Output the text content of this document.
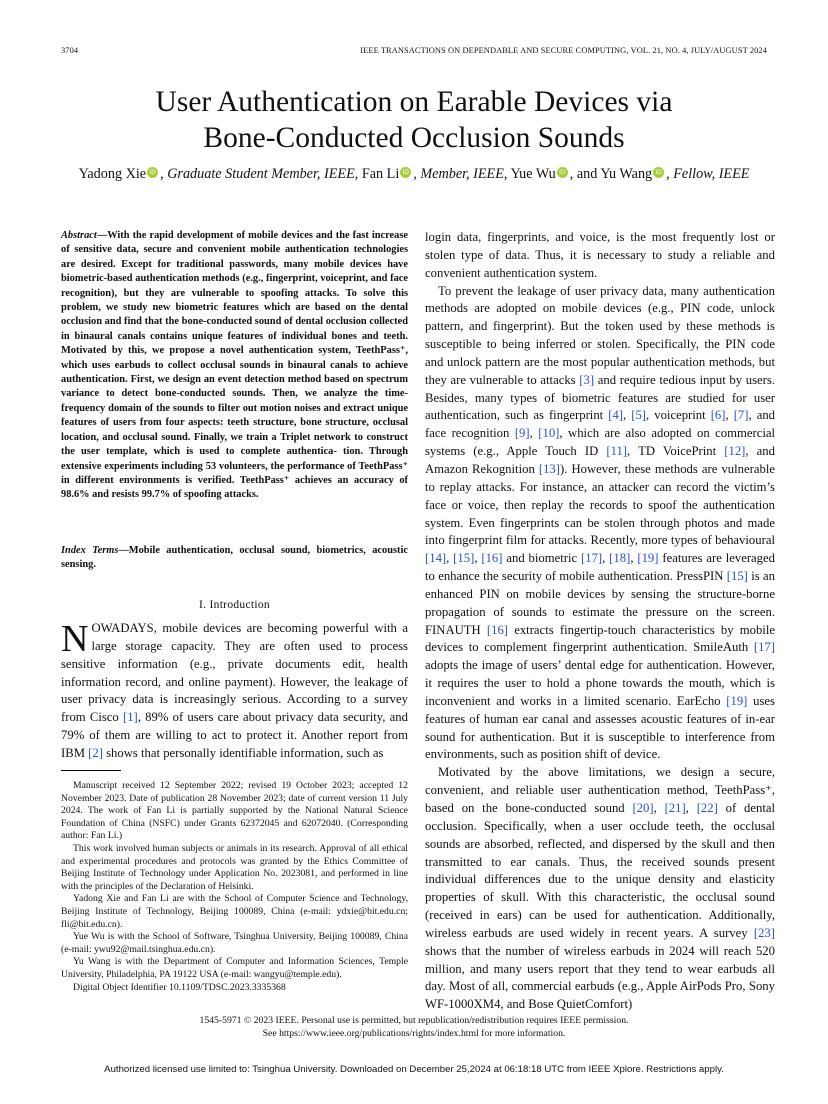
3704	IEEE TRANSACTIONS ON DEPENDABLE AND SECURE COMPUTING, VOL. 21, NO. 4, JULY/AUGUST 2024
User Authentication on Earable Devices via
Bone-Conducted Occlusion Sounds
Yadong Xie iD , Graduate Student Member, IEEE, Fan Li iD , Member, IEEE, Yue Wu iD , and Yu Wang iD , Fellow, IEEE
Abstract—With the rapid development of mobile devices and the fast increase of sensitive data, secure and convenient mobile authentication technologies are desired. Except for traditional passwords, many mobile devices have biometric-based authentication methods (e.g., fingerprint, voiceprint, and face recognition), but they are vulnerable to spoofing attacks. To solve this problem, we study new biometric features which are based on the dental occlusion and find that the bone-conducted sound of dental occlusion collected in binaural canals contains unique features of individual bones and teeth. Motivated by this, we propose a novel authentication system, TeethPass⁺, which uses earbuds to collect occlusal sounds in binaural canals to achieve authentication. First, we design an event detection method based on spectrum variance to detect bone-conducted sounds. Then, we analyze the time-frequency domain of the sounds to filter out motion noises and extract unique features of users from four aspects: teeth structure, bone structure, occlusal location, and occlusal sound. Finally, we train a Triplet network to construct the user template, which is used to complete authentica- tion. Through extensive experiments including 53 volunteers, the performance of TeethPass⁺ in different environments is verified. TeethPass⁺ achieves an accuracy of 98.6% and resists 99.7% of spoofing attacks.
Index Terms—Mobile authentication, occlusal sound, biometrics, acoustic sensing.
I. Introduction
NOWADAYS, mobile devices are becoming powerful with a large storage capacity. They are often used to process sensitive information (e.g., private documents edit, health information record, and online payment). However, the leakage of user privacy data is increasingly serious. According to a survey from Cisco [1], 89% of users care about privacy data security, and 79% of them are willing to act to protect it. Another report from IBM [2] shows that personally identifiable information, such as

Manuscript received 12 September 2022; revised 19 October 2023; accepted 12 November 2023. Date of publication 28 November 2023; date of current version 11 July 2024. The work of Fan Li is partially supported by the National Natural Science Foundation of China (NSFC) under Grants 62372045 and 62072040. (Corresponding author: Fan Li.)

This work involved human subjects or animals in its research. Approval of all ethical and experimental procedures and protocols was granted by the Ethics Committee of Beijing Institute of Technology under Application No. 2023081, and performed in line with the principles of the Declaration of Helsinki.

Yadong Xie and Fan Li are with the School of Computer Science and Technology, Beijing Institute of Technology, Beijing 100089, China (e-mail: ydxie@bit.edu.cn; fli@bit.edu.cn).

Yue Wu is with the School of Software, Tsinghua University, Beijing 100089, China (e-mail: ywu92@mail.tsinghua.edu.cn).

Yu Wang is with the Department of Computer and Information Sciences, Temple University, Philadelphia, PA 19122 USA (e-mail: wangyu@temple.edu).

Digital Object Identifier 10.1109/TDSC.2023.3335368

login data, fingerprints, and voice, is the most frequently lost or stolen type of data. Thus, it is necessary to study a reliable and convenient authentication system.

To prevent the leakage of user privacy data, many authentication methods are adopted on mobile devices (e.g., PIN code, unlock pattern, and fingerprint). But the token used by these methods is susceptible to being inferred or stolen. Specifically, the PIN code and unlock pattern are the most popular authentication methods, but they are vulnerable to attacks [3] and require tedious input by users. Besides, many types of biometric features are studied for user authentication, such as fingerprint [4], [5], voiceprint [6], [7], and face recognition [9], [10], which are also adopted on commercial systems (e.g., Apple Touch ID [11], TD VoicePrint [12], and Amazon Rekognition [13]). However, these methods are vulnerable to replay attacks. For instance, an attacker can record the victim’s face or voice, then replay the records to spoof the authentication system. Even fingerprints can be stolen through photos and made into fingerprint film for attacks. Recently, more types of behavioural [14], [15], [16] and biometric [17], [18], [19] features are leveraged to enhance the security of mobile authentication. PressPIN [15] is an enhanced PIN on mobile devices by sensing the structure-borne propagation of sounds to estimate the pressure on the screen. FINAUTH [16] extracts fingertip-touch characteristics by mobile devices to complement fingerprint authentication. SmileAuth [17] adopts the image of users’ dental edge for authentication. However, it requires the user to hold a phone towards the mouth, which is inconvenient and works in a limited scenario. EarEcho [19] uses features of human ear canal and assesses acoustic features of in-ear sound for authentication. But it is susceptible to interference from environments, such as position shift of device.

Motivated by the above limitations, we design a secure, convenient, and reliable user authentication method, TeethPass⁺, based on the bone-conducted sound [20], [21], [22] of dental occlusion. Specifically, when a user occlude teeth, the occlusal sounds are absorbed, reflected, and dispersed by the skull and then transmitted to ear canals. Thus, the received sounds present individual differences due to the unique density and elasticity properties of skull. With this characteristic, the occlusal sound (received in ears) can be used for authentication. Additionally, wireless earbuds are used widely in recent years. A survey [23] shows that the number of wireless earbuds in 2024 will reach 520 million, and many users report that they tend to wear earbuds all day. Most of all, commercial earbuds (e.g., Apple AirPods Pro, Sony WF-1000XM4, and Bose QuietComfort)

1545-5971 © 2023 IEEE. Personal use is permitted, but republication/redistribution requires IEEE permission.
See https://www.ieee.org/publications/rights/index.html for more information.
Authorized licensed use limited to: Tsinghua University. Downloaded on December 25,2024 at 06:18:18 UTC from IEEE Xplore. Restrictions apply.
